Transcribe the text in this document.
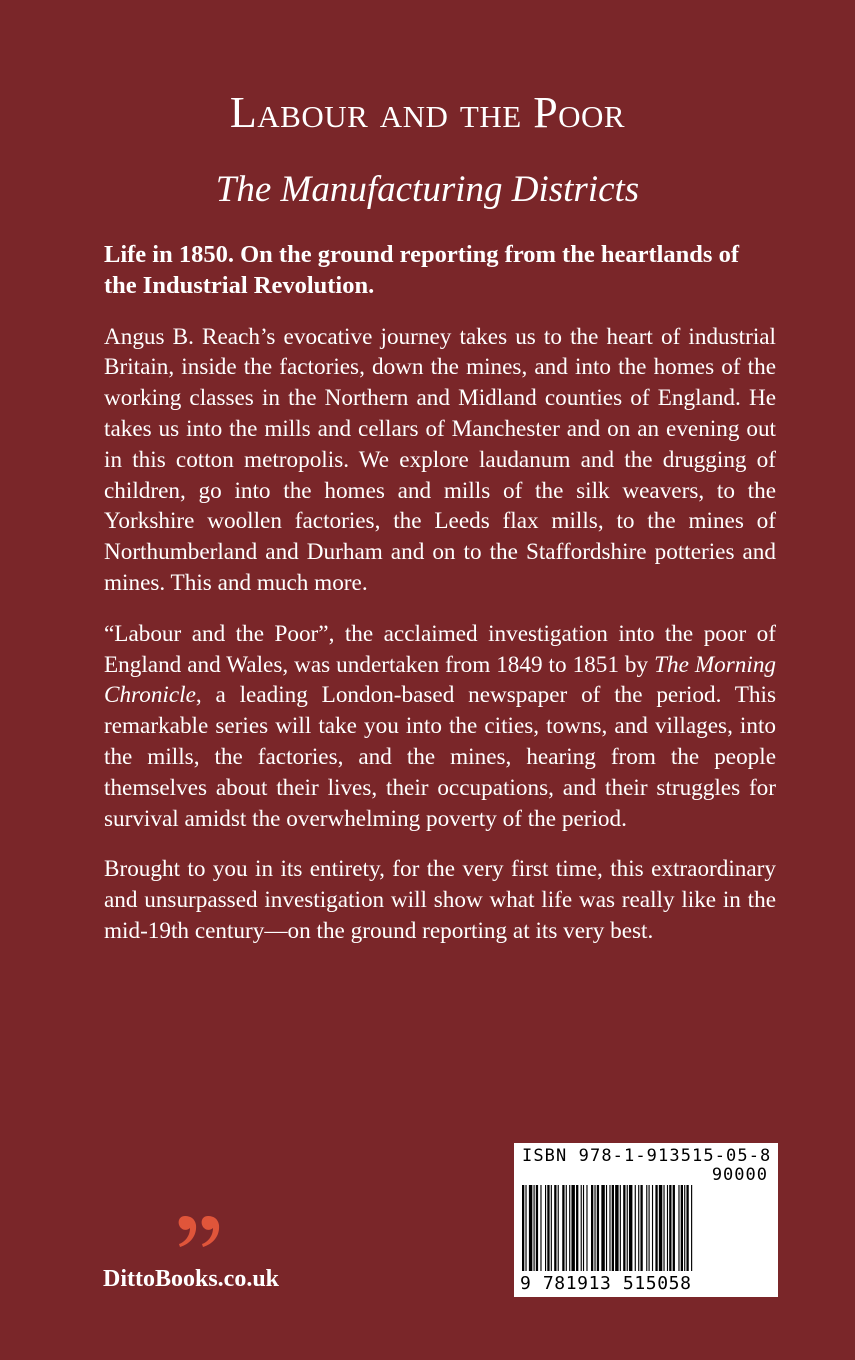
Labour and the Poor
The Manufacturing Districts

Life in 1850. On the ground reporting from the heartlands of the Industrial Revolution.

Angus B. Reach’s evocative journey takes us to the heart of industrial Britain, inside the factories, down the mines, and into the homes of the working classes in the Northern and Midland counties of England. He takes us into the mills and cellars of Manchester and on an evening out in this cotton metropolis. We explore laudanum and the drugging of children, go into the homes and mills of the silk weavers, to the Yorkshire woollen factories, the Leeds flax mills, to the mines of Northumberland and Durham and on to the Staffordshire potteries and mines. This and much more.

“Labour and the Poor”, the acclaimed investigation into the poor of England and Wales, was undertaken from 1849 to 1851 by The Morning Chronicle, a leading London-based newspaper of the period. This remarkable series will take you into the cities, towns, and villages, into the mills, the factories, and the mines, hearing from the people themselves about their lives, their occupations, and their struggles for survival amidst the overwhelming poverty of the period.

Brought to you in its entirety, for the very first time, this extraordinary and unsurpassed investigation will show what life was really like in the mid-19th century—on the ground reporting at its very best.

ISBN 978-1-913515-05-8
90000
9 781913 515058
DittoBooks.co.uk
